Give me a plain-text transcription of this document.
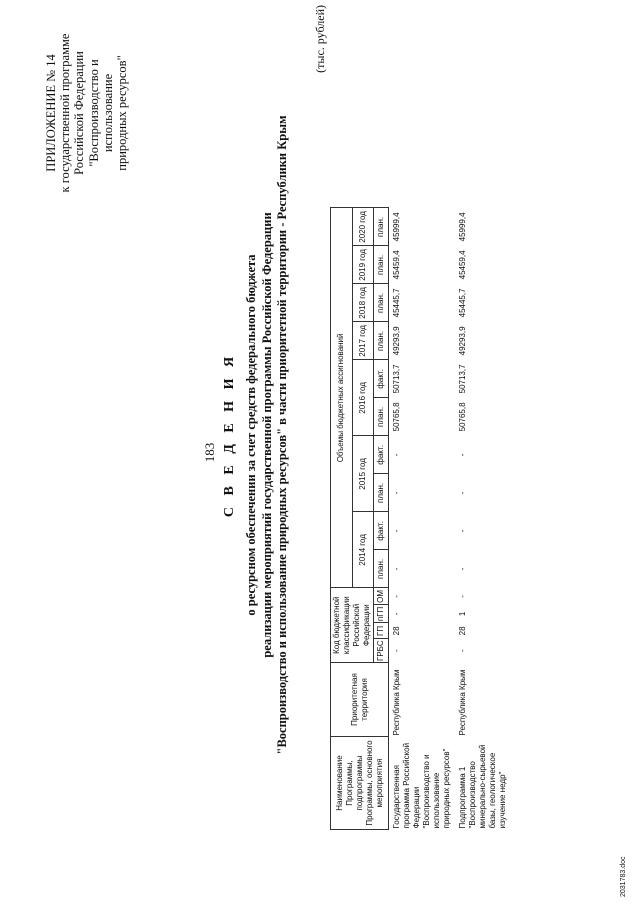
183
ПРИЛОЖЕНИЕ № 14 к государственной программе Российской Федерации "Воспроизводство и использование природных ресурсов"
С В Е Д Е Н И Я о ресурсном обеспечении за счет средств федерального бюджета реализации мероприятий государственной программы Российской Федерации "Воспроизводство и использование природных ресурсов" в части приоритетной территории - Республики Крым
(тыс. рублей)
Наименование Программы, подпрограммы Программы, основного мероприятия	Приоритетная территория	Код бюджетной классификации Российской Федерации				Объемы бюджетных ассигнований									
						2014 год		2015 год		2016 год		2017 год	2018 год	2019 год	2020 год
		ГРБС	ГП	пГП	ОМ	план.	факт.	план.	факт.	план.	факт.	план.	план.	план.	план.
Государственная программа Российской Федерации "Воспроизводство и использование природных ресурсов"	Республика Крым	-	28	-	-	-	-	-	-	50765,8	50713,7	49293,9	45445,7	45459,4	45999,4
Подпрограмма 1 "Воспроизводство минерально-сырьевой базы, геологическое изучение недр"	Республика Крым	-	28	1	-	-	-	-	-	50765,8	50713,7	49293,9	45445,7	45459,4	45999,4
2031783.doc
